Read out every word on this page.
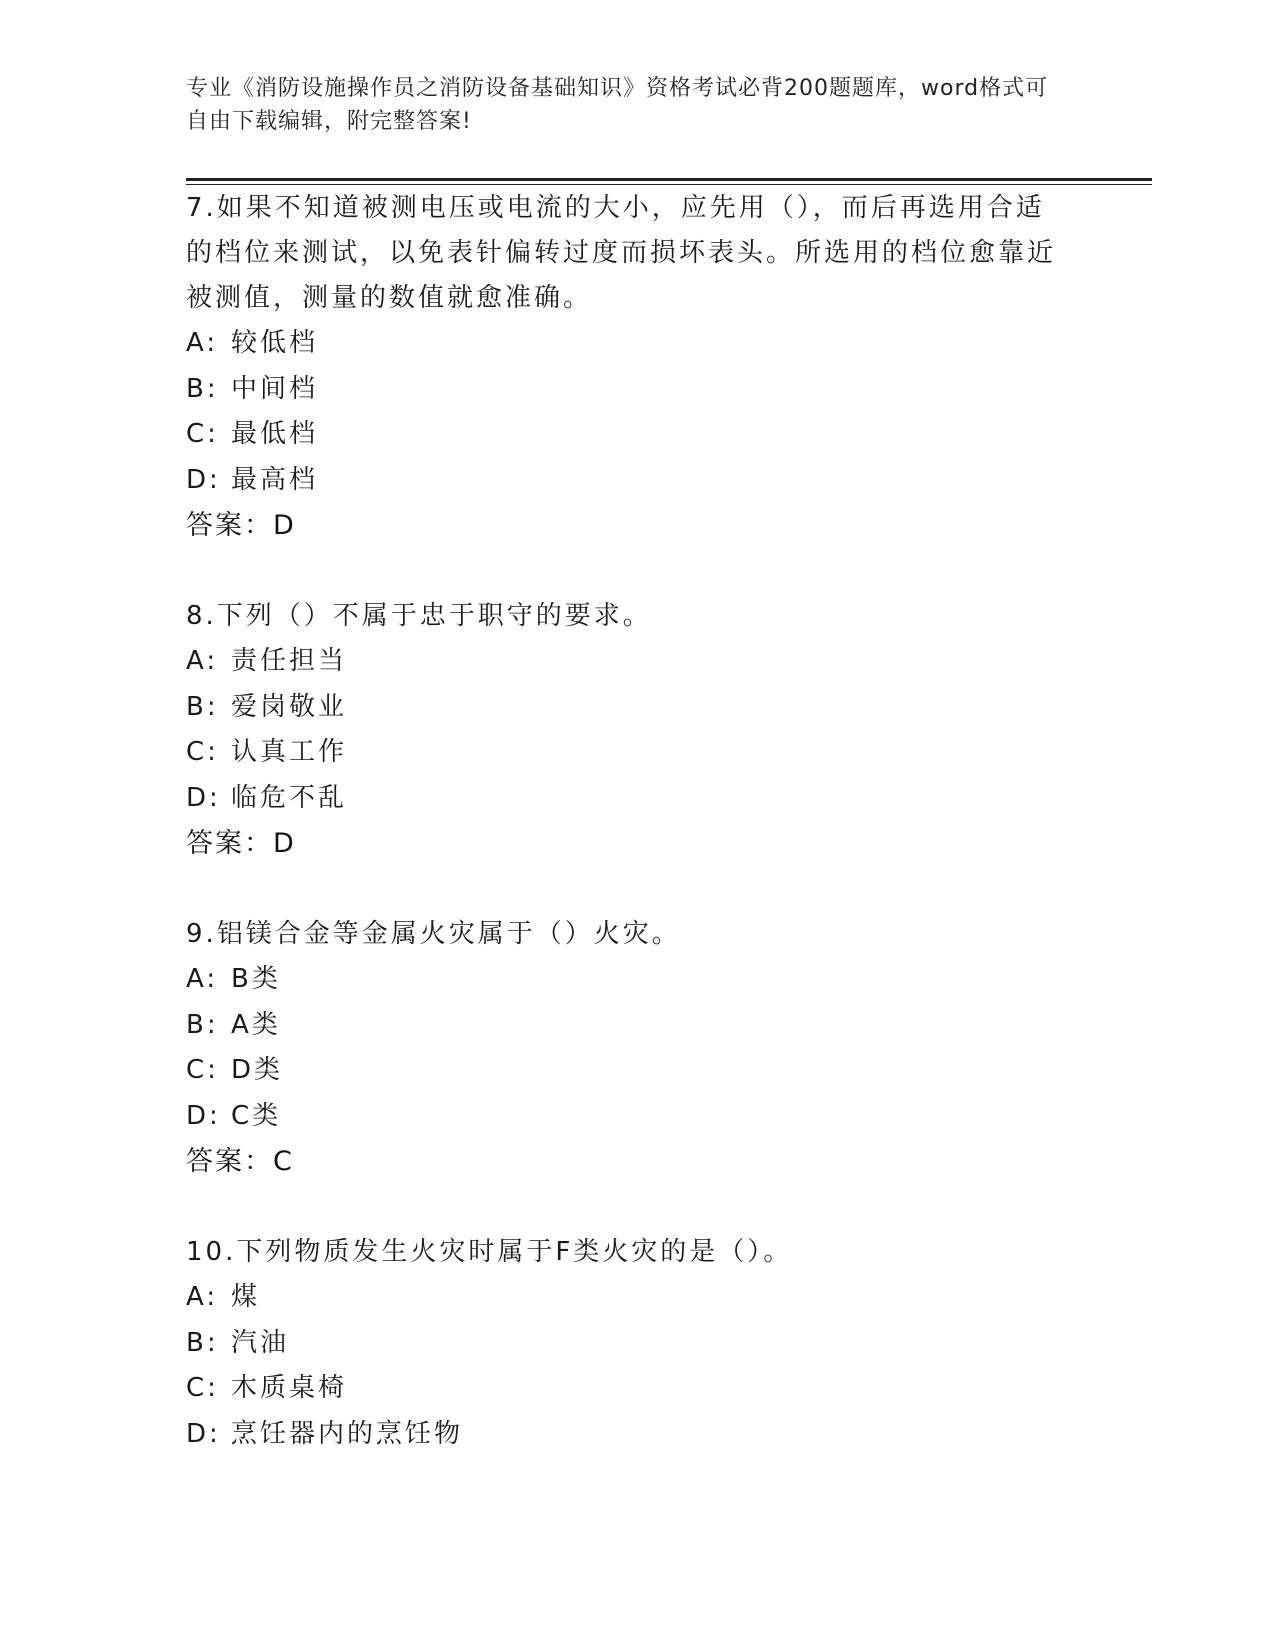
专业《消防设施操作员之消防设备基础知识》资格考试必背200题题库，word格式可自由下载编辑，附完整答案!

7.如果不知道被测电压或电流的大小，应先用（），而后再选用合适的档位来测试，以免表针偏转过度而损坏表头。所选用的档位愈靠近被测值，测量的数值就愈准确。

A: 较低档

B: 中间档

C: 最低档

D: 最高档

答案：D

8.下列（）不属于忠于职守的要求。

A: 责任担当

B: 爱岗敬业

C: 认真工作

D: 临危不乱

答案：D

9.铝镁合金等金属火灾属于（）火灾。

A: B类

B: A类

C: D类

D: C类

答案：C

10.下列物质发生火灾时属于F类火灾的是（）。

A: 煤

B: 汽油

C: 木质桌椅

D: 烹饪器内的烹饪物
